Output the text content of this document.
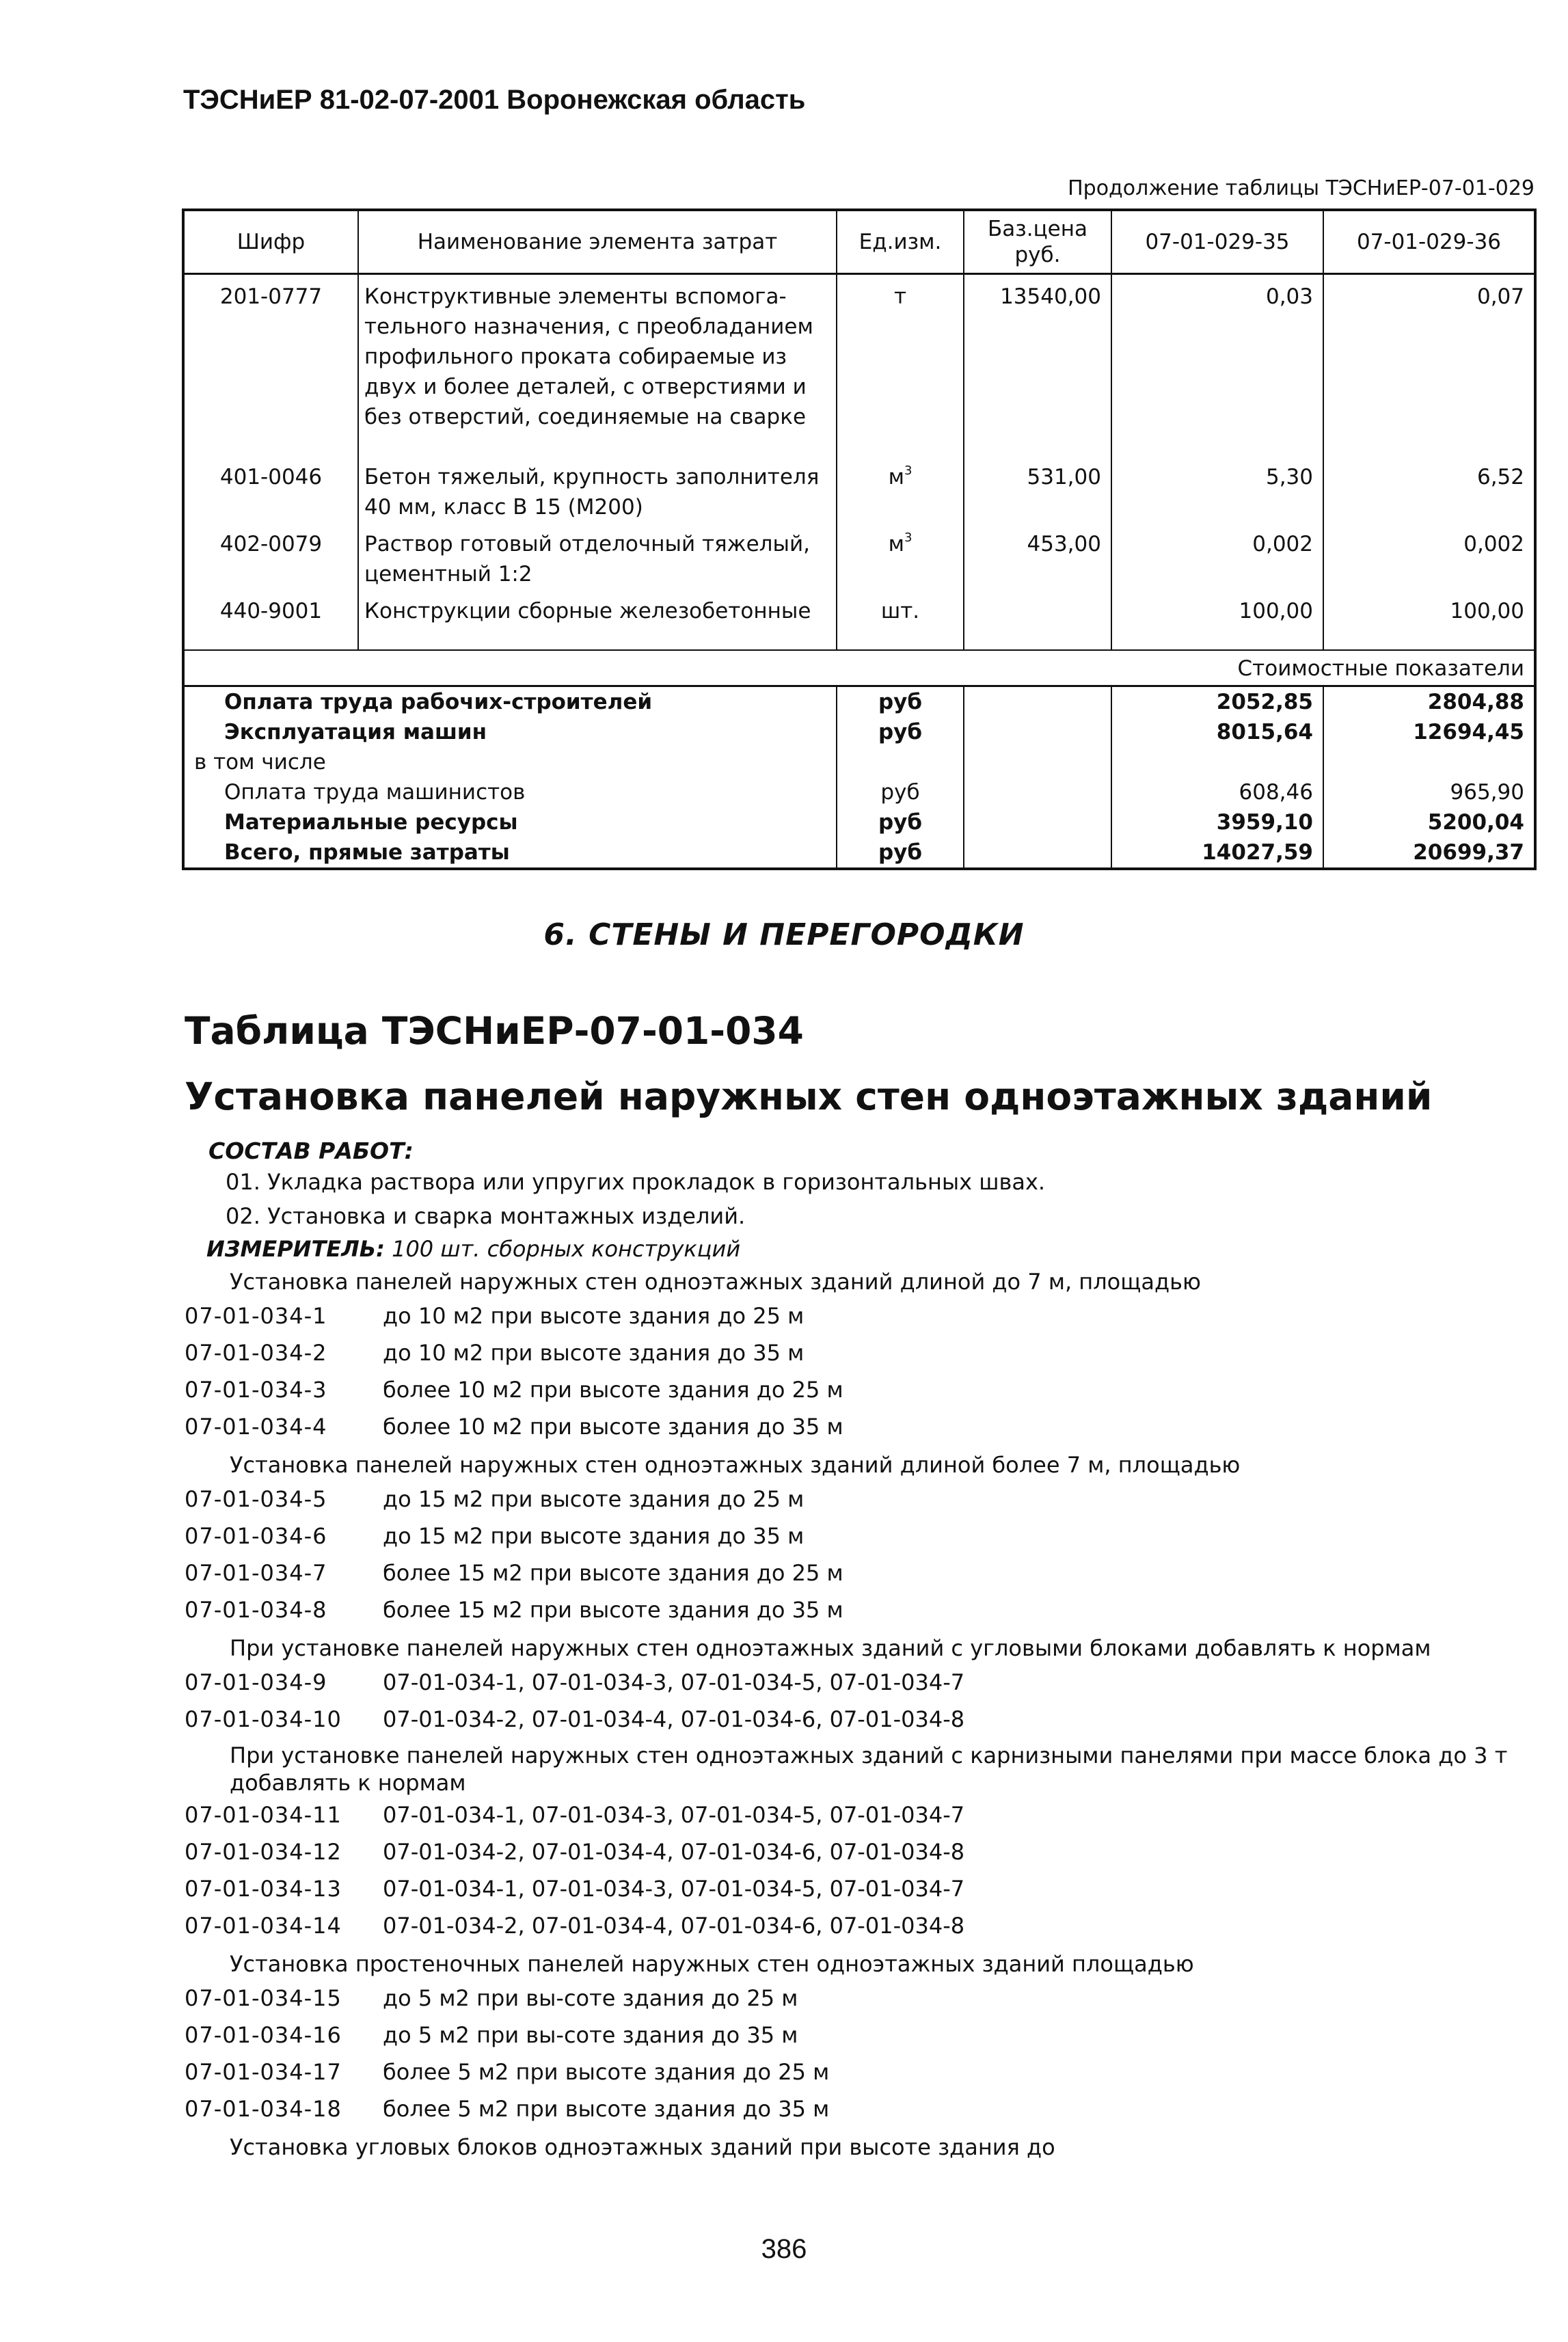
ТЭСНиЕР 81-02-07-2001 Воронежская область
Продолжение таблицы ТЭСНиЕР-07-01-029
Шифр	Наименование элемента затрат	Ед.изм.	Баз.цена руб.	07-01-029-35	07-01-029-36
201-0777	Конструктивные элементы вспомога-тельного назначения, с преобладанием профильного проката собираемые из двух и более деталей, с отверстиями и без отверстий, соединяемые на сварке	т	13540,00	0,03	0,07

401-0046	Бетон тяжелый, крупность заполнителя 40 мм, класс В 15 (М200)	$м^3$	531,00	5,30	6,52
402-0079	Раствор готовый отделочный тяжелый, цементный 1:2	$м^3$	453,00	0,002	0,002
440-9001	Конструкции сборные железобетонные	шт.		100,00	100,00

Стоимостные показатели					
Оплата труда рабочих-строителей		руб		2052,85	2804,88
Эксплуатация машин		руб		8015,64	12694,45
в том числе					
Оплата труда машинистов		руб		608,46	965,90
Материальные ресурсы		руб		3959,10	5200,04
Всего, прямые затраты		руб		14027,59	20699,37
6. СТЕНЫ И ПЕРЕГОРОДКИ
Таблица ТЭСНиЕР-07-01-034
Установка панелей наружных стен одноэтажных зданий
СОСТАВ РАБОТ:
01. Укладка раствора или упругих прокладок в горизонтальных швах.
02. Установка и сварка монтажных изделий.
ИЗМЕРИТЕЛЬ: 100 шт. сборных конструкций
Установка панелей наружных стен одноэтажных зданий длиной до 7 м, площадью
07-01-034-1	до 10 м2 при высоте здания до 25 м
07-01-034-2	до 10 м2 при высоте здания до 35 м
07-01-034-3	более 10 м2 при высоте здания до 25 м
07-01-034-4	более 10 м2 при высоте здания до 35 м
Установка панелей наружных стен одноэтажных зданий длиной более 7 м, площадью
07-01-034-5	до 15 м2 при высоте здания до 25 м
07-01-034-6	до 15 м2 при высоте здания до 35 м
07-01-034-7	более 15 м2 при высоте здания до 25 м
07-01-034-8	более 15 м2 при высоте здания до 35 м
При установке панелей наружных стен одноэтажных зданий с угловыми блоками добавлять к нормам
07-01-034-9	07-01-034-1, 07-01-034-3, 07-01-034-5, 07-01-034-7
07-01-034-10	07-01-034-2, 07-01-034-4, 07-01-034-6, 07-01-034-8
При установке панелей наружных стен одноэтажных зданий с карнизными панелями при массе блока до 3 т добавлять к нормам
07-01-034-11	07-01-034-1, 07-01-034-3, 07-01-034-5, 07-01-034-7
07-01-034-12	07-01-034-2, 07-01-034-4, 07-01-034-6, 07-01-034-8
07-01-034-13	07-01-034-1, 07-01-034-3, 07-01-034-5, 07-01-034-7
07-01-034-14	07-01-034-2, 07-01-034-4, 07-01-034-6, 07-01-034-8
Установка простеночных панелей наружных стен одноэтажных зданий площадью
07-01-034-15	до 5 м2 при вы-соте здания до 25 м
07-01-034-16	до 5 м2 при вы-соте здания до 35 м
07-01-034-17	более 5 м2 при высоте здания до 25 м
07-01-034-18	более 5 м2 при высоте здания до 35 м
Установка угловых блоков одноэтажных зданий при высоте здания до
386
